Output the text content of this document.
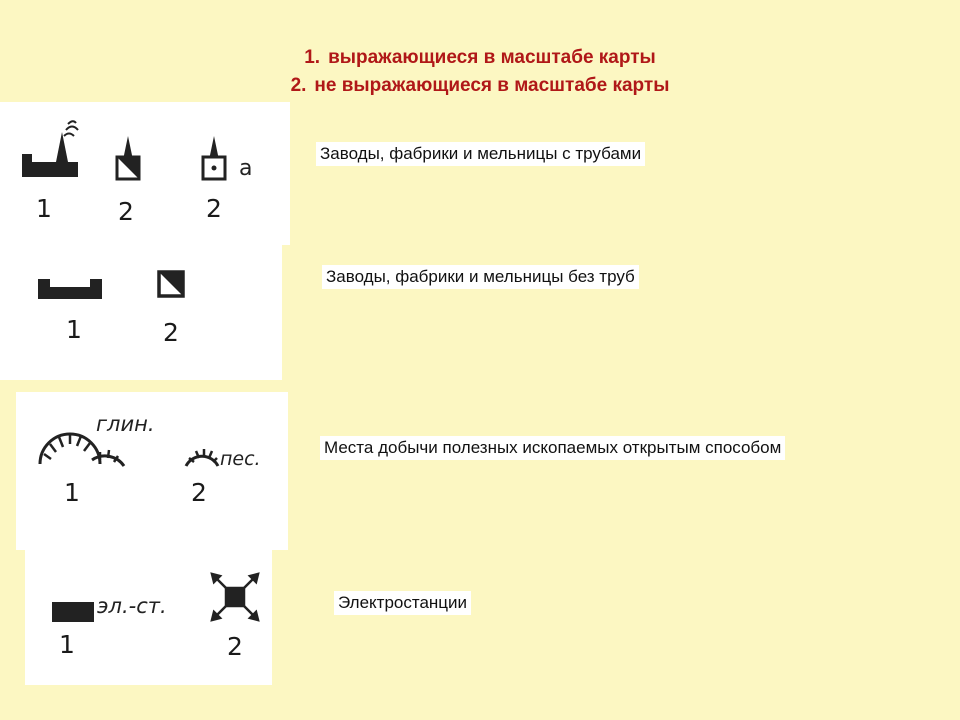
1. выражающиеся в масштабе карты
2. не выражающиеся в масштабе карты
1	2	2
а
Заводы, фабрики и мельницы с трубами
1	2
Заводы, фабрики и мельницы без труб
глин.
пес.
1	2
Места добычи полезных ископаемых открытым способом
эл.-ст.
1	2
Электростанции
